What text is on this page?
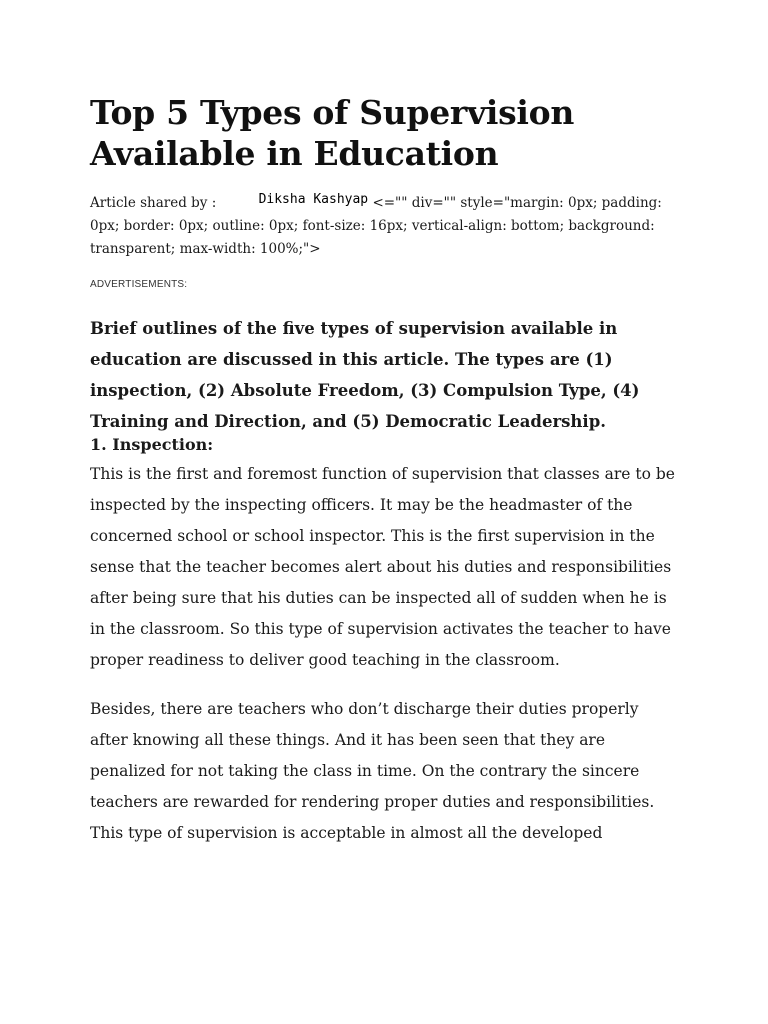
Top 5 Types of Supervision
Available in Education
Article shared by :	Diksha Kashyap <="" div="" style="margin: 0px; padding: 0px; border: 0px; outline: 0px; font-size: 16px; vertical-align: bottom; background: transparent; max-width: 100%;">
ADVERTISEMENTS:

Brief outlines of the five types of supervision available in education are discussed in this article. The types are (1) inspection, (2) Absolute Freedom, (3) Compulsion Type, (4) Training and Direction, and (5) Democratic Leadership.

1. Inspection:

This is the first and foremost function of supervision that classes are to be inspected by the inspecting officers. It may be the headmaster of the concerned school or school inspector. This is the first supervision in the sense that the teacher becomes alert about his duties and responsibilities after being sure that his duties can be inspected all of sudden when he is in the classroom. So this type of supervision activates the teacher to have proper readiness to deliver good teaching in the classroom.

Besides, there are teachers who don’t discharge their duties properly after knowing all these things. And it has been seen that they are penalized for not taking the class in time. On the contrary the sincere teachers are rewarded for rendering proper duties and responsibilities. This type of supervision is acceptable in almost all the developed
